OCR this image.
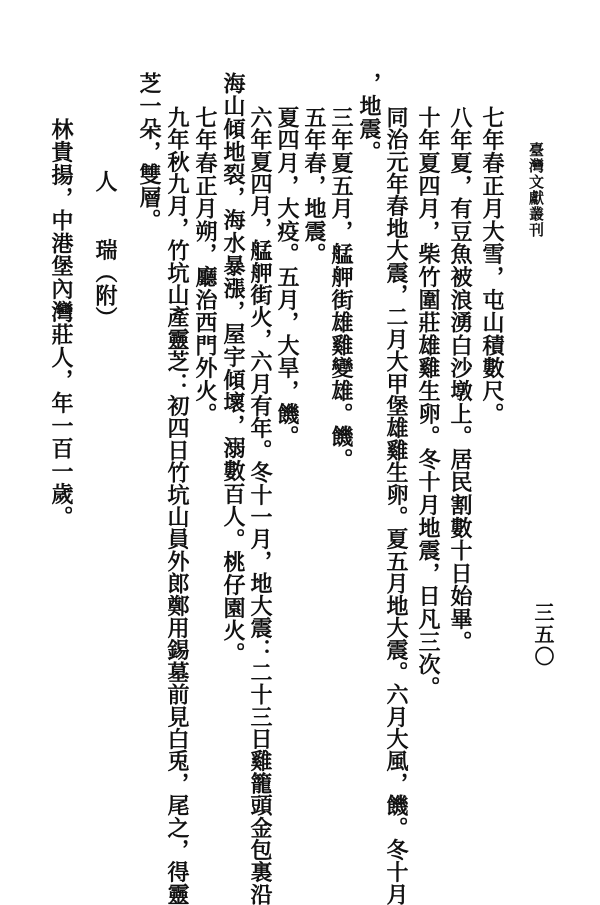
臺灣文獻叢刊
三五〇
七年春正月大雪，屯山積數尺。
八年夏，有豆魚被浪湧白沙墩上。居民割數十日始畢。
十年夏四月，柴竹圍莊雄雞生卵。冬十月地震，日凡三次。
同治元年春地大震，二月大甲堡雄雞生卵。夏五月地大震。六月大風，饑。冬十月
，地震。
三年夏五月，艋舺街雄雞變雄。饑。
五年春，地震。
夏四月，大疫。五月，大旱，饑。
六年夏四月，艋舺街火，六月有年。冬十一月，地大震：二十三日雞籠頭金包裏沿
海山傾地裂，海水暴漲，屋宇傾壞，溺數百人。桃仔園火。
七年春正月朔，廳治西門外火。
九年秋九月，竹坑山產靈芝：初四日竹坑山員外郎鄭用錫墓前見白兎，尾之，得靈
芝一朵，雙層。
人　　瑞（附）
林貴揚，中港堡內灣莊人，年一百一歲。
